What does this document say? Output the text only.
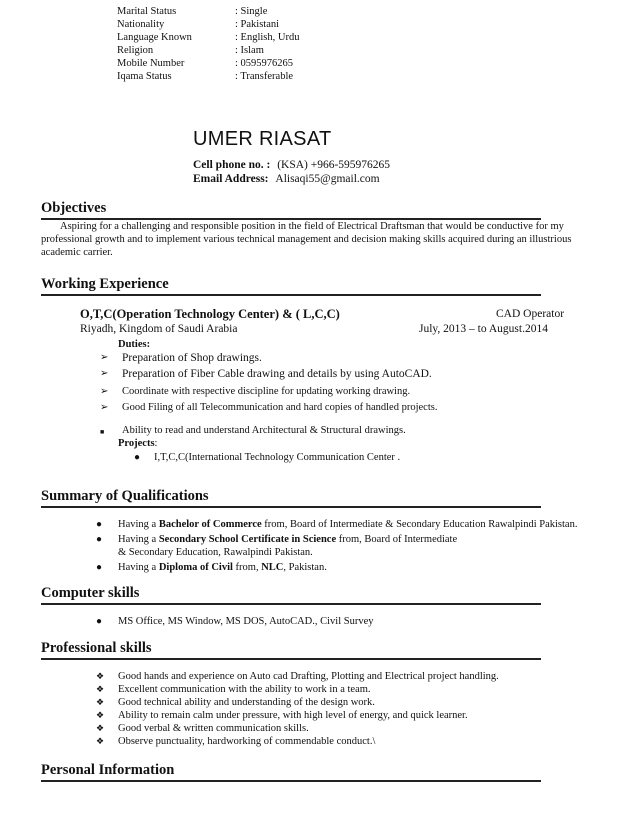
Marital Status	: Single
Nationality	: Pakistani
Language Known	: English, Urdu
Religion	: Islam
Mobile Number	: 0595976265
Iqama Status	: Transferable
UMER RIASAT
Cell phone no. : (KSA) +966-595976265
Email Address: Alisaqi55@gmail.com
Objectives
Aspiring for a challenging and responsible position in the field of Electrical Draftsman that would be conductive for my
professional growth and to implement various technical management and decision making skills acquired during an illustrious
academic carrier.
Working Experience
O,T,C(Operation Technology Center) & ( L,C,C)	CAD Operator
Riyadh, Kingdom of Saudi Arabia	July, 2013 – to August.2014
Duties:
➢	Preparation of Shop drawings.
➢	Preparation of Fiber Cable drawing and details by using AutoCAD.
➢	Coordinate with respective discipline for updating working drawing.
➢	Good Filing of all Telecommunication and hard copies of handled projects.
■	Ability to read and understand Architectural & Structural drawings.
Projects:
●	I,T,C,C(International Technology Communication Center .
Summary of Qualifications
●	Having a Bachelor of Commerce from, Board of Intermediate & Secondary Education Rawalpindi Pakistan.
●	Having a Secondary School Certificate in Science from, Board of Intermediate
& Secondary Education, Rawalpindi Pakistan.
●	Having a Diploma of Civil from, NLC, Pakistan.
Computer skills
●	MS Office, MS Window, MS DOS, AutoCAD., Civil Survey
Professional skills
❖	Good hands and experience on Auto cad Drafting, Plotting and Electrical project handling.
❖	Excellent communication with the ability to work in a team.
❖	Good technical ability and understanding of the design work.
❖	Ability to remain calm under pressure, with high level of energy, and quick learner.
❖	Good verbal & written communication skills.
❖	Observe punctuality, hardworking of commendable conduct.\
Personal Information
